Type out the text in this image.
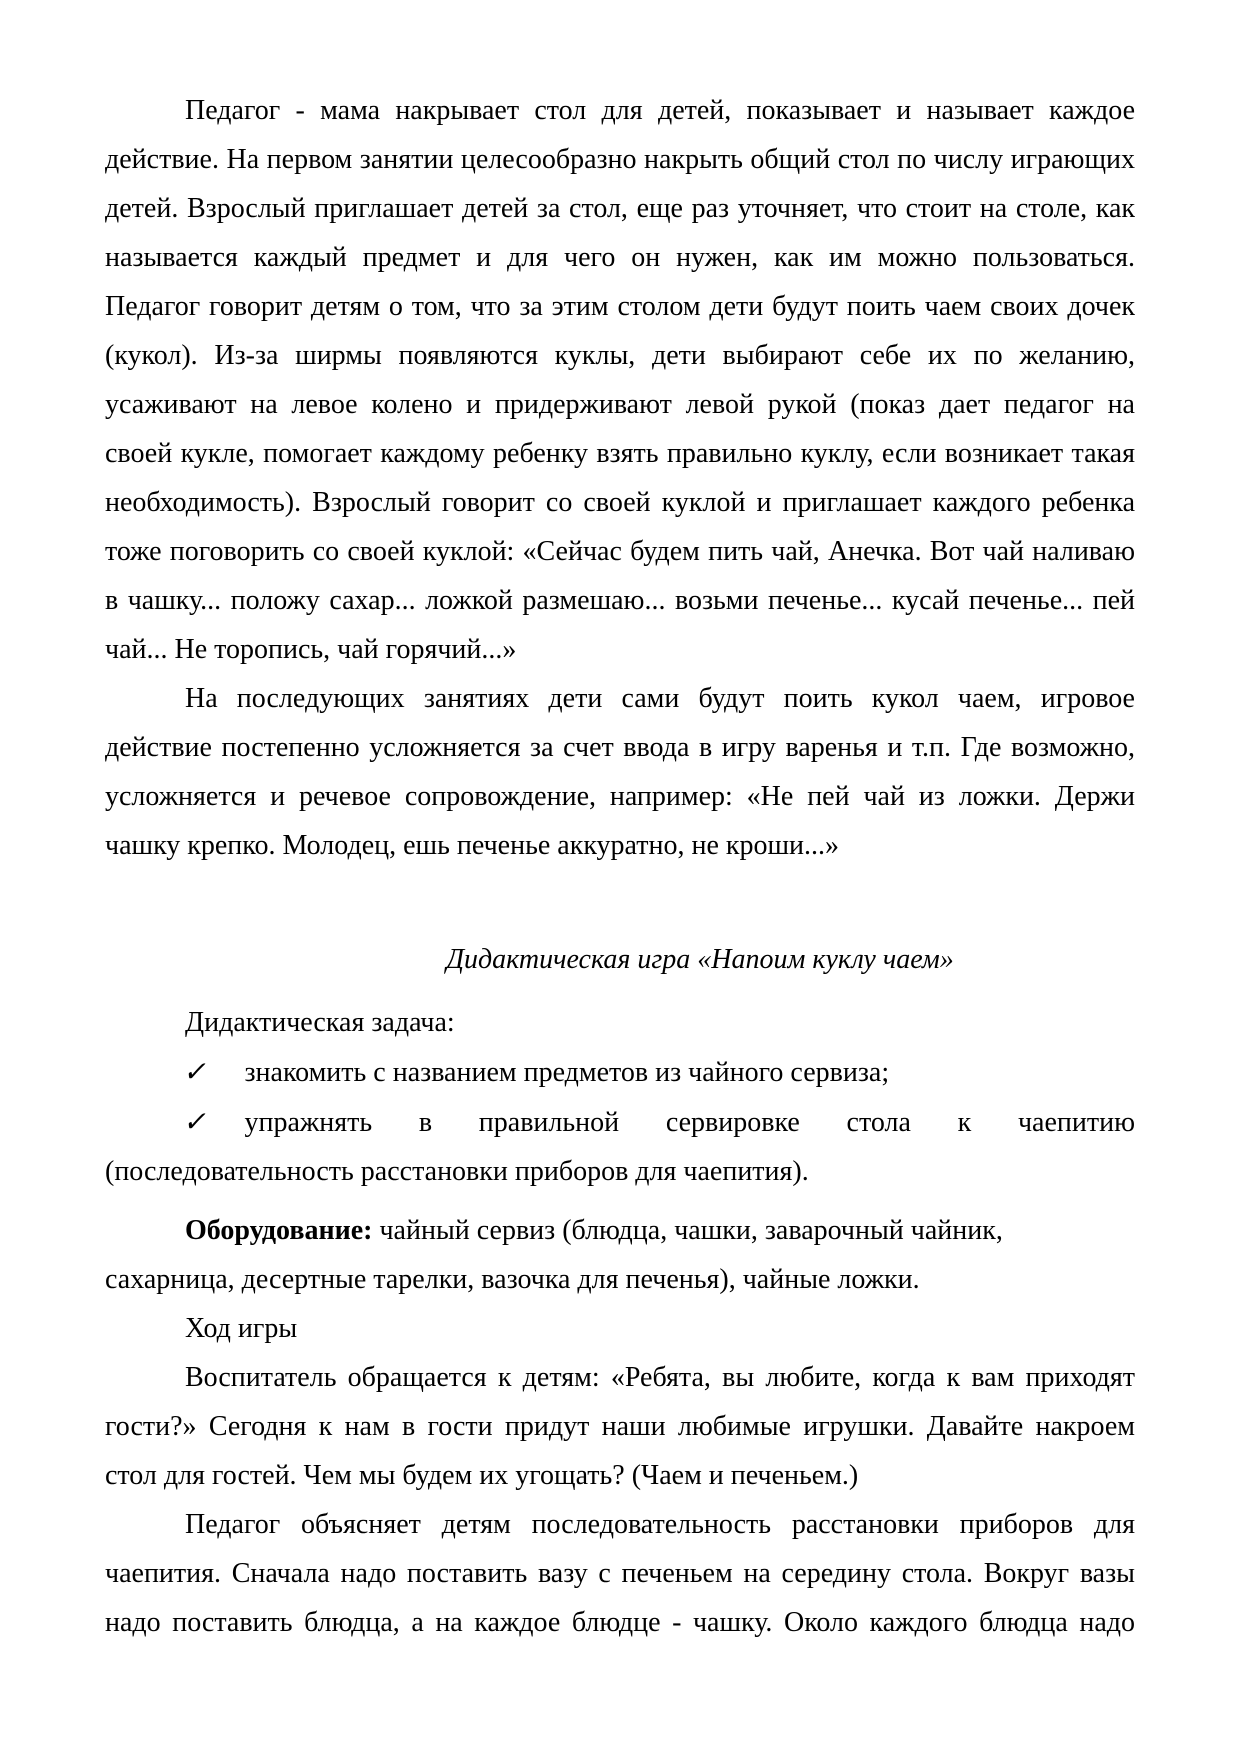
Педагог - мама накрывает стол для детей, показывает и называет каждое действие. На первом занятии целесообразно накрыть общий стол по числу играющих детей. Взрослый приглашает детей за стол, еще раз уточняет, что стоит на столе, как называется каждый предмет и для чего он нужен, как им можно пользоваться. Педагог говорит детям о том, что за этим столом дети будут поить чаем своих дочек (кукол). Из-за ширмы появляются куклы, дети выбирают себе их по желанию, усаживают на левое колено и придерживают левой рукой (показ дает педагог на своей кукле, помогает каждому ребенку взять правильно куклу, если возникает такая необходимость). Взрослый говорит со своей куклой и приглашает каждого ребенка тоже поговорить со своей куклой: «Сейчас будем пить чай, Анечка. Вот чай наливаю в чашку... положу сахар... ложкой размешаю... возьми печенье... кусай печенье... пей чай... Не торопись, чай горячий...»

На последующих занятиях дети сами будут поить кукол чаем, игровое действие постепенно усложняется за счет ввода в игру варенья и т.п. Где возможно, усложняется и речевое сопровождение, например: «Не пей чай из ложки. Держи чашку крепко. Молодец, ешь печенье аккуратно, не кроши...»

Дидактическая игра «Напоим куклу чаем»

Дидактическая задача:

✓ знакомить с названием предметов из чайного сервиза;

✓ упражнять в правильной сервировке стола к чаепитию (последовательность расстановки приборов для чаепития).

Оборудование: чайный сервиз (блюдца, чашки, заварочный чайник,
сахарница, десертные тарелки, вазочка для печенья), чайные ложки.

Ход игры

Воспитатель обращается к детям: «Ребята, вы любите, когда к вам приходят гости?» Сегодня к нам в гости придут наши любимые игрушки. Давайте накроем стол для гостей. Чем мы будем их угощать? (Чаем и печеньем.)

Педагог объясняет детям последовательность расстановки приборов для чаепития. Сначала надо поставить вазу с печеньем на середину стола. Вокруг вазы надо поставить блюдца, а на каждое блюдце - чашку. Около каждого блюдца надо
